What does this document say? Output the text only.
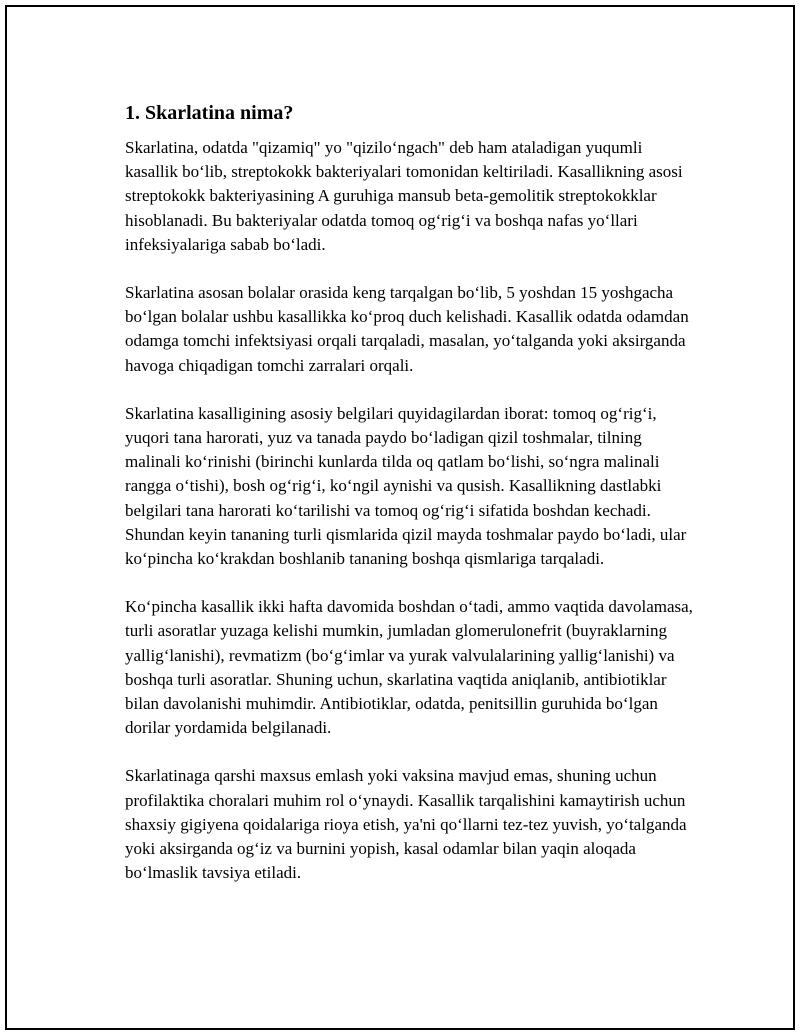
1. Skarlatina nima?

Skarlatina, odatda "qizamiq" yo "qizilo‘ngach" deb ham ataladigan yuqumli kasallik bo‘lib, streptokokk bakteriyalari tomonidan keltiriladi. Kasallikning asosi streptokokk bakteriyasining A guruhiga mansub beta-gemolitik streptokokklar hisoblanadi. Bu bakteriyalar odatda tomoq og‘rig‘i va boshqa nafas yo‘llari infeksiyalariga sabab bo‘ladi.

Skarlatina asosan bolalar orasida keng tarqalgan bo‘lib, 5 yoshdan 15 yoshgacha bo‘lgan bolalar ushbu kasallikka ko‘proq duch kelishadi. Kasallik odatda odamdan odamga tomchi infektsiyasi orqali tarqaladi, masalan, yo‘talganda yoki aksirganda havoga chiqadigan tomchi zarralari orqali.

Skarlatina kasalligining asosiy belgilari quyidagilardan iborat: tomoq og‘rig‘i, yuqori tana harorati, yuz va tanada paydo bo‘ladigan qizil toshmalar, tilning malinali ko‘rinishi (birinchi kunlarda tilda oq qatlam bo‘lishi, so‘ngra malinali rangga o‘tishi), bosh og‘rig‘i, ko‘ngil aynishi va qusish. Kasallikning dastlabki belgilari tana harorati ko‘tarilishi va tomoq og‘rig‘i sifatida boshdan kechadi. Shundan keyin tananing turli qismlarida qizil mayda toshmalar paydo bo‘ladi, ular ko‘pincha ko‘krakdan boshlanib tananing boshqa qismlariga tarqaladi.

Ko‘pincha kasallik ikki hafta davomida boshdan o‘tadi, ammo vaqtida davolamasa, turli asoratlar yuzaga kelishi mumkin, jumladan glomerulonefrit (buyraklarning yallig‘lanishi), revmatizm (bo‘g‘imlar va yurak valvulalarining yallig‘lanishi) va boshqa turli asoratlar. Shuning uchun, skarlatina vaqtida aniqlanib, antibiotiklar bilan davolanishi muhimdir. Antibiotiklar, odatda, penitsillin guruhida bo‘lgan dorilar yordamida belgilanadi.

Skarlatinaga qarshi maxsus emlash yoki vaksina mavjud emas, shuning uchun profilaktika choralari muhim rol o‘ynaydi. Kasallik tarqalishini kamaytirish uchun shaxsiy gigiyena qoidalariga rioya etish, ya'ni qo‘llarni tez-tez yuvish, yo‘talganda yoki aksirganda og‘iz va burnini yopish, kasal odamlar bilan yaqin aloqada bo‘lmaslik tavsiya etiladi.
